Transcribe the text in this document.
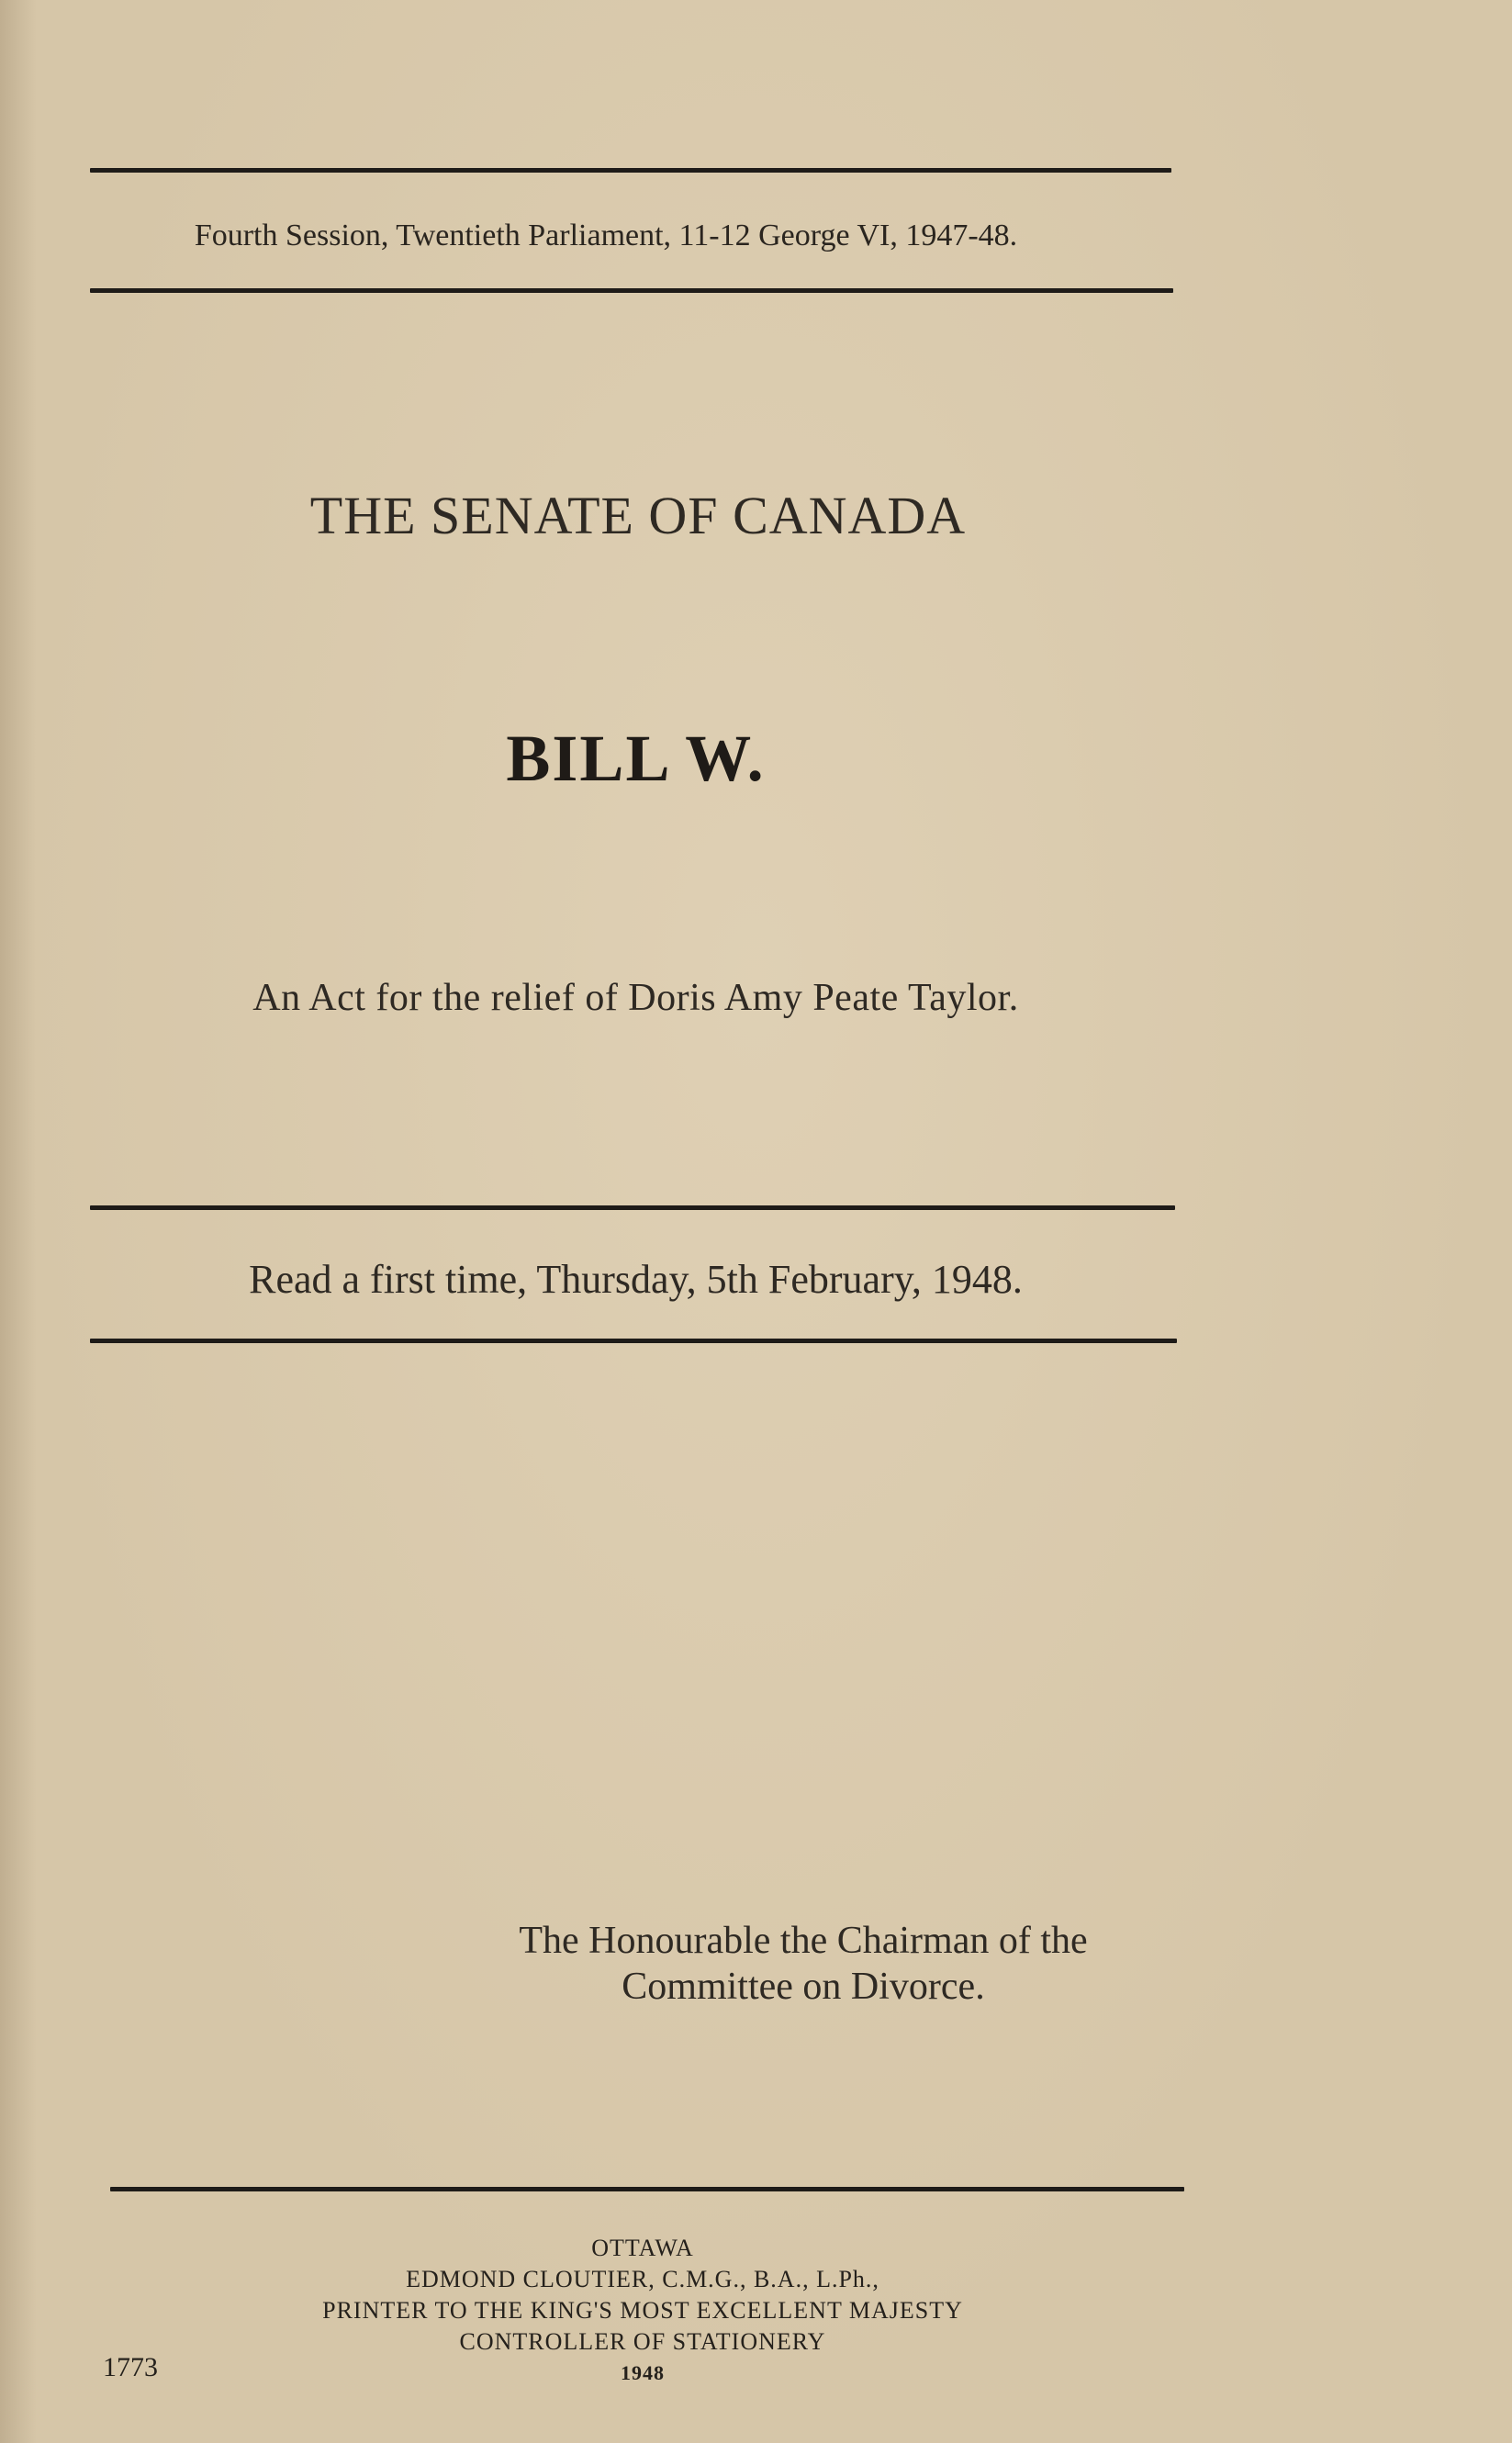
Fourth Session, Twentieth Parliament, 11-12 George VI, 1947-48.
THE SENATE OF CANADA
BILL W.
An Act for the relief of Doris Amy Peate Taylor.
Read a first time, Thursday, 5th February, 1948.
The Honourable the Chairman of the
Committee on Divorce.
OTTAWA
EDMOND CLOUTIER, C.M.G., B.A., L.Ph.,
PRINTER TO THE KING'S MOST EXCELLENT MAJESTY
CONTROLLER OF STATIONERY
1948
1773
